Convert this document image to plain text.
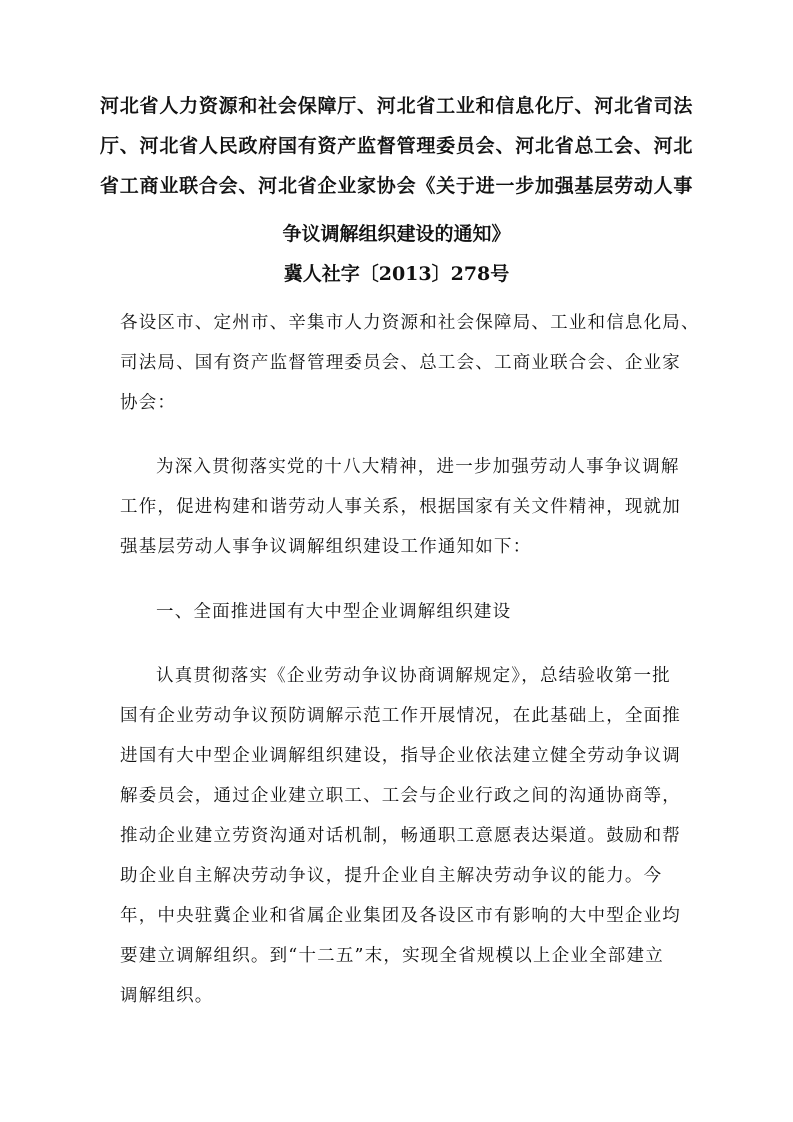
河北省人力资源和社会保障厅、河北省工业和信息化厅、河北省司法
厅、河北省人民政府国有资产监督管理委员会、河北省总工会、河北
省工商业联合会、河北省企业家协会《关于进一步加强基层劳动人事
争议调解组织建设的通知》
冀人社字〔2013〕278号
各设区市、定州市、辛集市人力资源和社会保障局、工业和信息化局、
司法局、国有资产监督管理委员会、总工会、工商业联合会、企业家
协会：
为深入贯彻落实党的十八大精神，进一步加强劳动人事争议调解
工作，促进构建和谐劳动人事关系，根据国家有关文件精神，现就加
强基层劳动人事争议调解组织建设工作通知如下：
一、全面推进国有大中型企业调解组织建设
认真贯彻落实《企业劳动争议协商调解规定》，总结验收第一批
国有企业劳动争议预防调解示范工作开展情况，在此基础上，全面推
进国有大中型企业调解组织建设，指导企业依法建立健全劳动争议调
解委员会，通过企业建立职工、工会与企业行政之间的沟通协商等，
推动企业建立劳资沟通对话机制，畅通职工意愿表达渠道。鼓励和帮
助企业自主解决劳动争议，提升企业自主解决劳动争议的能力。今
年，中央驻冀企业和省属企业集团及各设区市有影响的大中型企业均
要建立调解组织。到“十二五”末，实现全省规模以上企业全部建立
调解组织。
